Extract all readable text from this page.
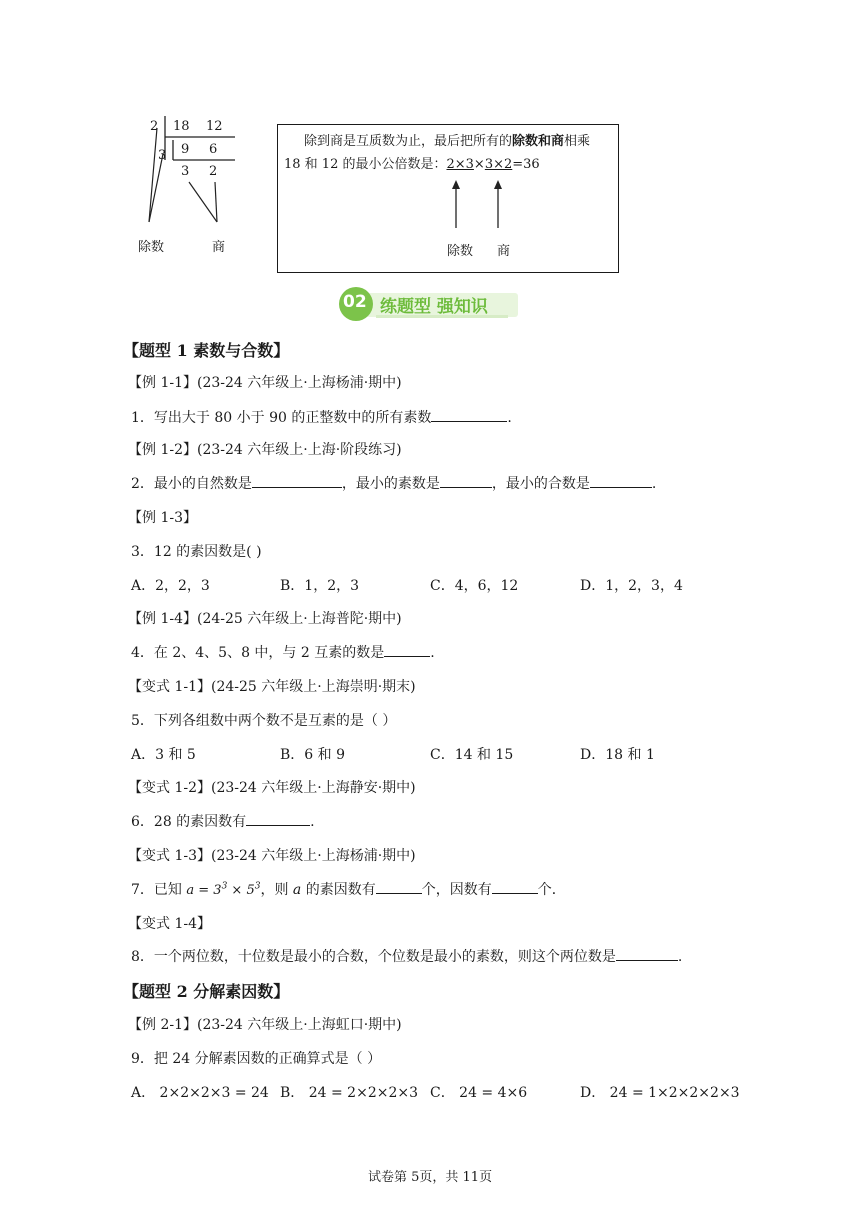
2 18 12
3 9 6
3 2
除数	商
除到商是互质数为止，最后把所有的除数和商相乘
18 和 12 的最小公倍数是：2×3×3×2=36
除数 商
02 练题型 强知识
【题型 1 素数与合数】
【例 1-1】(23-24 六年级上·上海杨浦·期中)
1．写出大于 80 小于 90 的正整数中的所有素数	.
【例 1-2】(23-24 六年级上·上海·阶段练习)
2．最小的自然数是	，最小的素数是	，最小的合数是	.
【例 1-3】
3．12 的素因数是( )
A．2，2，3	B．1，2，3	C．4，6，12	D．1，2，3，4
【例 1-4】(24-25 六年级上·上海普陀·期中)
4．在 2、4、5、8 中，与 2 互素的数是	.
【变式 1-1】(24-25 六年级上·上海崇明·期末)
5．下列各组数中两个数不是互素的是（ ）
A．3 和 5	B．6 和 9	C．14 和 15	D．18 和 1
【变式 1-2】(23-24 六年级上·上海静安·期中)
6．28 的素因数有	.
【变式 1-3】(23-24 六年级上·上海杨浦·期中)
7．已知 $a = 3^3 \times 5^3$，则 a 的素因数有	个，因数有	个．
【变式 1-4】
8．一个两位数，十位数是最小的合数，个位数是最小的素数，则这个两位数是	.
【题型 2 分解素因数】
【例 2-1】(23-24 六年级上·上海虹口·期中)
9．把 24 分解素因数的正确算式是（ ）
A． 2×2×2×3 = 24 B． 24 = 2×2×2×3 C． 24 = 4×6	D． 24 = 1×2×2×2×3
试卷第 5页，共 11页
